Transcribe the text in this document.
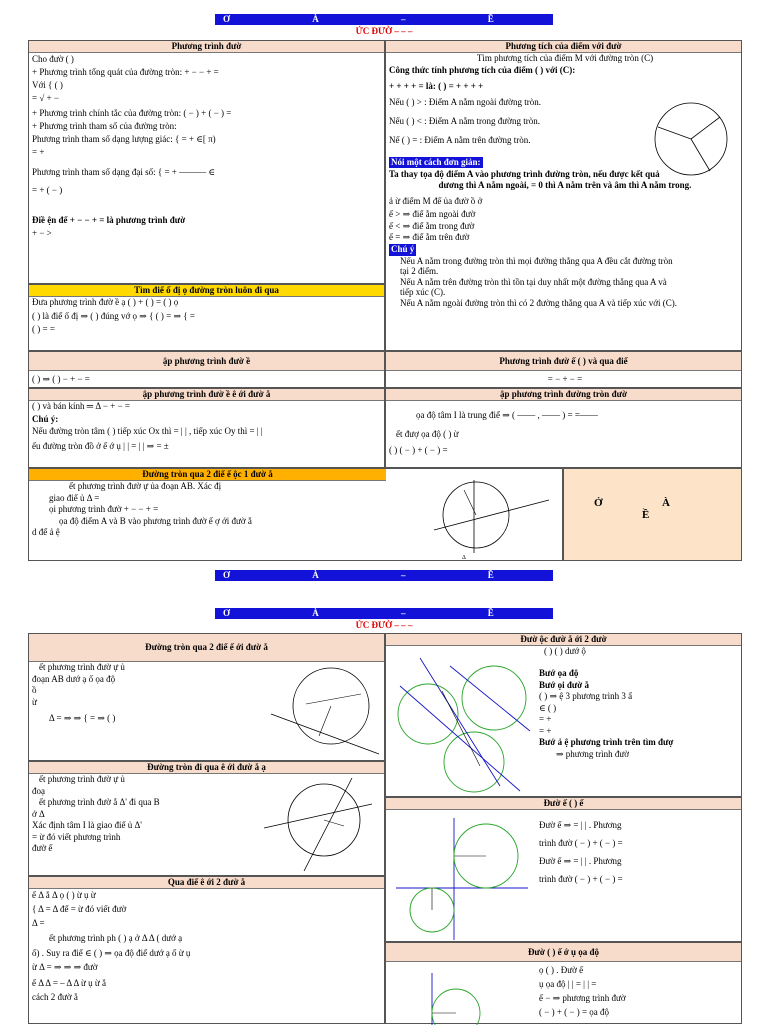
Ơ À – Ề –
ỨC ĐƯỜ – – –
Phương trình đườ
Cho đườ ( )
+ Phương trình tổng quát của đường tròn: + − − + =
Với { ( )
= √ + −
+ Phương trình chính tắc của đường tròn: ( − ) + ( − ) =
+ Phương trình tham số của đường tròn:
Phương trình tham số dạng lượng giác: { = + ∈[ π)
= +
Phương trình tham số dạng đại số: { = + ——— ∈
= + ( − )
Điề ện để + − − + = là phương trình đườ
+ − >
Phương tích của điểm với đườ
Tìm phương tích của điểm M với đường tròn (C)
Công thức tính phương tích của điểm ( ) với (C):
+ + + + = là: ( ) = + + + +
Nếu ( ) > : Điểm A nằm ngoài đường tròn.
Nếu ( ) < : Điểm A nằm trong đường tròn.
Nế ( ) = : Điểm A nằm trên đường tròn.
Nói một cách đơn giản:
Ta thay tọa độ điểm A vào phương trình đường tròn, nếu được kết quả
dương thì A nằm ngoài, = 0 thì A nằm trên và âm thì A nằm trong.
ả ừ điểm M đế ủa đườ ồ ở
ế > ⇒ điể ằm ngoài đườ
ế < ⇒ điể ằm trong đườ
ế = ⇒ điể ằm trên đườ
Chú ý
Nếu A nằm trong đường tròn thì mọi đường thẳng qua A đều cắt đường tròn
tại 2 điểm.
Nếu A nằm trên đường tròn thì tồn tại duy nhất một đường thẳng qua A và
tiếp xúc (C).
Nếu A nằm ngoài đường tròn thì có 2 đường thẳng qua A và tiếp xúc với (C).
Tìm điể ố đị ọ đường tròn luôn đi qua
Đưa phương trình đườ ề ạ ( ) + ( ) = ( ) ọ
( ) là điể ố đị ⇒ ( ) đúng vớ ọ ⇒ { ( ) = ⇒ { =
( ) = =
ập phương trình đườ ề
( ) ⇒ ( ) − + − =
Phương trình đườ ế ( ) và qua điể
= − + − =
ập phương trình đườ ề ê ới đườ ẳ
( ) và bán kính ═ Δ − + − =
Chú ý:
Nếu đường tròn tâm ( ) tiếp xúc Ox thì = | | , tiếp xúc Oy thì = | |
ếu đường tròn đồ ở ế ớ ụ | | = | | ⇒ = ±
ập phương trình đường tròn đườ
ọa độ tâm I là trung điể ⇒ ( —— , —— ) = =——
ết đượ ọa độ ( ) ừ
( ) ( − ) + ( − ) =
Đường tròn qua 2 điể ế ộc 1 đườ ẳ
ết phương trình đườ ự ủa đoạn AB. Xác đị
giao điể ủ Δ =
ọi phương trình đườ + − − + =
ọa độ điểm A và B vào phương trình đườ ế ợ ới đườ ẳ
d để ả ệ
Δ
Ở	À
Ề
Ơ À – Ề –
Ơ À – Ề –
ỨC ĐƯỜ – – –
Đường tròn qua 2 điể ế ới đườ ẳ
ết phương trình đườ ự ủ
đoạn AB dướ ạ ố ọa độ
ồ
ừ
Δ = ⇒ ⇒ { = ⇒ ( )
Đường tròn đi qua ê ới đườ ẳ ạ
ết phương trình đườ ự ủ
đoạ
ết phương trình đườ ẳ Δ' đi qua B
ớ Δ
Xác định tâm I là giao điể ủ Δ'
= ừ đó viết phương trình
đườ ế
Qua điể ê ới 2 đườ ẳ
ế Δ ẳ Δ ọ ( ) ừ ụ ừ
{ Δ = Δ để = ừ đó viết đườ
Δ =
ết phương trình ph ( ) ạ ở Δ Δ ( dướ ạ
ố) . Suy ra điể ∈ ( ) ⇒ ọa độ điể dướ ạ ố ừ ụ
ừ Δ = ⇒ ⇒ ⇒ đườ
ế Δ Δ = – Δ Δ ừ ụ ừ ẳ
cách 2 đườ ẳ
Đườ ộc đườ ẳ ới 2 đườ
( ) ( ) dướ ộ
Bướ ọa độ
Bướ ọi đườ ẳ
( ) ⇒ ệ 3 phương trình 3 ẩ
∈ ( )
= +
= +
Bướ ả ệ phương trình trên tìm đượ
⇒ phương trình đườ
Đườ ế ( ) ế
Đườ ế ⇒ = | | . Phương
trình đườ ( − ) + ( − ) =
Đườ ế ⇒ = | | . Phương
trình đườ ( − ) + ( − ) =
Đườ ( ) ế ớ ụ ọa độ
ọ ( ) . Đườ ế
ụ ọa độ | | = | | =
ế − ⇒ phương trình đườ
( − ) + ( − ) = ọa độ
